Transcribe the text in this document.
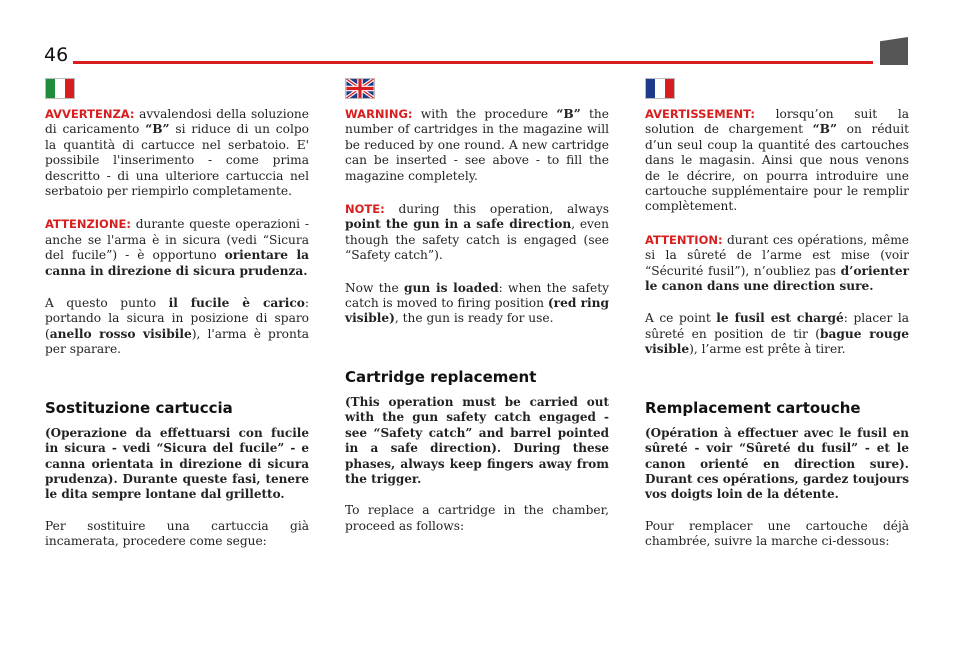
46

AVVERTENZA: avvalendosi della soluzione di caricamento “B” si riduce di un colpo la quantità di cartucce nel serbatoio. E' possibile l'inserimento - come prima descritto - di una ulteriore cartuccia nel serbatoio per riempirlo completamente.

ATTENZIONE: durante queste operazioni - anche se l'arma è in sicura (vedi “Sicura del fucile”) - è opportuno orientare la canna in direzione di sicura prudenza.

A questo punto il fucile è carico: portando la sicura in posizione di sparo (anello rosso visibile), l'arma è pronta per sparare.

Sostituzione cartuccia

(Operazione da effettuarsi con fucile in sicura - vedi “Sicura del fucile” - e canna orientata in direzione di sicura prudenza). Durante queste fasi, tenere le dita sempre lontane dal grilletto.

Per sostituire una cartuccia già incamerata, procedere come segue:

WARNING: with the procedure “B” the number of cartridges in the magazine will be reduced by one round. A new cartridge can be inserted - see above - to fill the magazine completely.

NOTE: during this operation, always point the gun in a safe direction, even though the safety catch is engaged (see “Safety catch”).

Now the gun is loaded: when the safety catch is moved to firing position (red ring visible), the gun is ready for use.

Cartridge replacement

(This operation must be carried out with the gun safety catch engaged - see “Safety catch” and barrel pointed in a safe direction). During these phases, always keep fingers away from the trigger.

To replace a cartridge in the chamber, proceed as follows:

AVERTISSEMENT: lorsqu’on suit la solution de chargement “B” on réduit d’un seul coup la quantité des cartouches dans le magasin. Ainsi que nous venons de le décrire, on pourra introduire une cartouche supplémentaire pour le remplir complètement.

ATTENTION: durant ces opérations, même si la sûreté de l’arme est mise (voir “Sécurité fusil”), n’oubliez pas d’orienter le canon dans une direction sure.

A ce point le fusil est chargé: placer la sûreté en position de tir (bague rouge visible), l’arme est prête à tirer.

Remplacement cartouche

(Opération à effectuer avec le fusil en sûreté - voir “Sûreté du fusil” - et le canon orienté en direction sure). Durant ces opérations, gardez toujours vos doigts loin de la détente.

Pour remplacer une cartouche déjà chambrée, suivre la marche ci-dessous:
